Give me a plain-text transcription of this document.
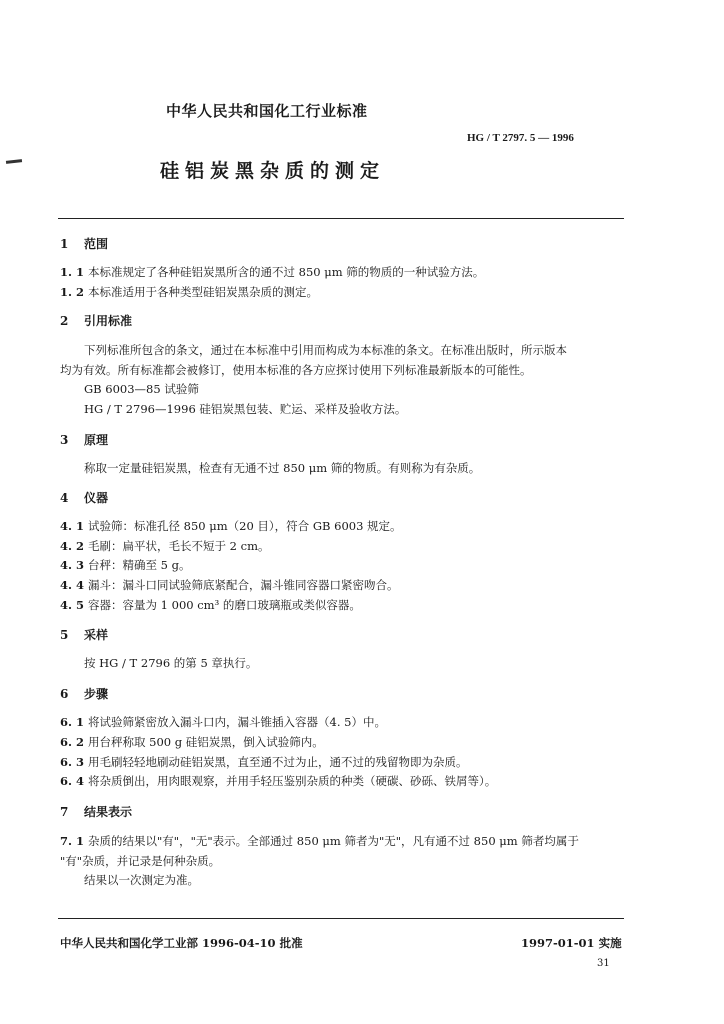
中华人民共和国化工行业标准
HG / T 2797. 5 — 1996
硅铝炭黑杂质的测定
1 范围
1. 1 本标准规定了各种硅铝炭黑所含的通不过 850 μm 筛的物质的一种试验方法。
1. 2 本标准适用于各种类型硅铝炭黑杂质的测定。
2 引用标准
下列标准所包含的条文，通过在本标准中引用而构成为本标准的条文。在标准出版时，所示版本
均为有效。所有标准都会被修订，使用本标准的各方应探讨使用下列标准最新版本的可能性。
GB 6003—85 试验筛
HG / T 2796—1996 硅铝炭黑包装、贮运、采样及验收方法。
3 原理
称取一定量硅铝炭黑，检查有无通不过 850 μm 筛的物质。有则称为有杂质。
4 仪器
4. 1 试验筛：标准孔径 850 μm（20 目），符合 GB 6003 规定。
4. 2 毛刷：扁平状，毛长不短于 2 cm。
4. 3 台秤：精确至 5 g。
4. 4 漏斗：漏斗口同试验筛底紧配合，漏斗锥同容器口紧密吻合。
4. 5 容器：容量为 1 000 cm³ 的磨口玻璃瓶或类似容器。
5 采样
按 HG / T 2796 的第 5 章执行。
6 步骤
6. 1 将试验筛紧密放入漏斗口内，漏斗锥插入容器（4. 5）中。
6. 2 用台秤称取 500 g 硅铝炭黑，倒入试验筛内。
6. 3 用毛刷轻轻地刷动硅铝炭黑，直至通不过为止，通不过的残留物即为杂质。
6. 4 将杂质倒出，用肉眼观察，并用手轻压鉴别杂质的种类（硬碳、砂砾、铁屑等）。
7 结果表示
7. 1 杂质的结果以"有"，"无"表示。全部通过 850 μm 筛者为"无"，凡有通不过 850 μm 筛者均属于
"有"杂质，并记录是何种杂质。
结果以一次测定为准。
中华人民共和国化学工业部 1996-04-10 批准	1997-01-01 实施
31
